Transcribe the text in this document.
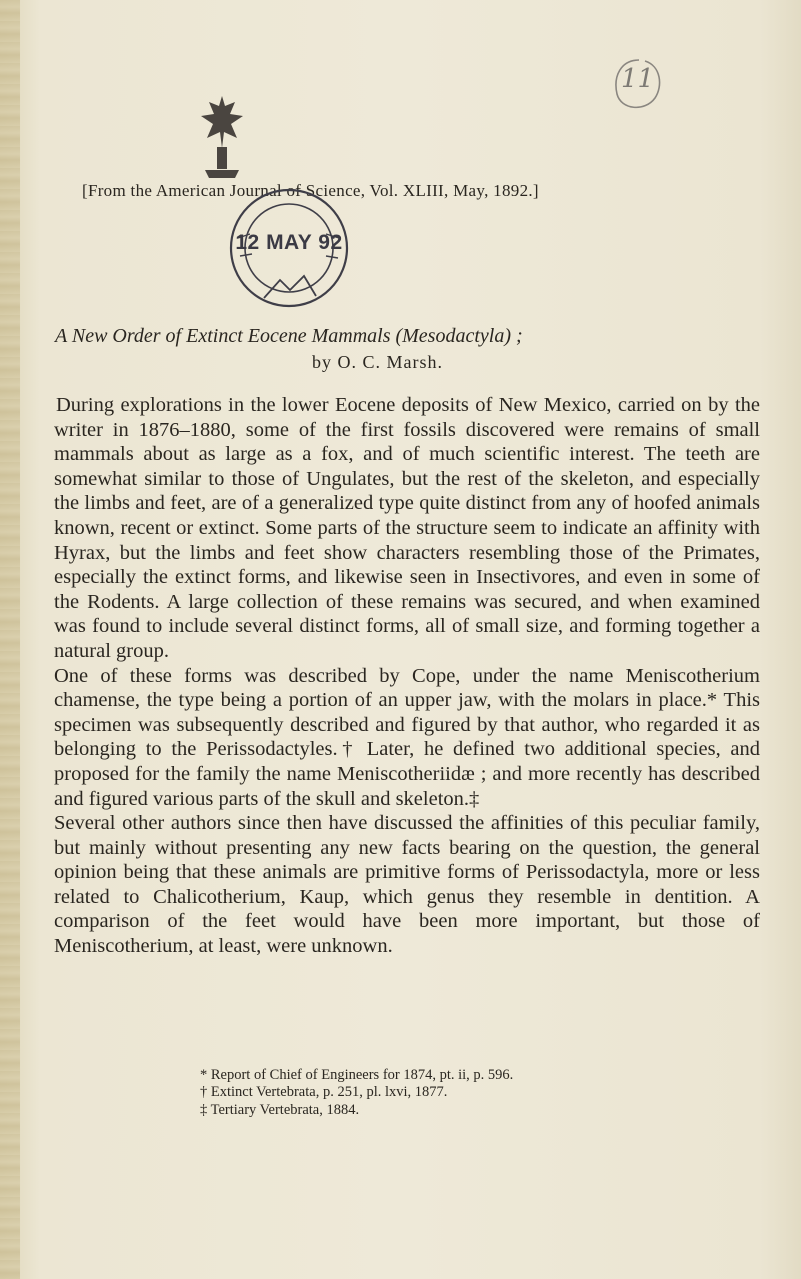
11
[From the American Journal of Science, Vol. XLIII, May, 1892.]
12 MAY 92
A New Order of Extinct Eocene Mammals (Mesodactyla) ;
by O. C. Marsh.

During explorations in the lower Eocene deposits of New Mexico, carried on by the writer in 1876–1880, some of the first fossils discovered were remains of small mammals about as large as a fox, and of much scientific interest. The teeth are somewhat similar to those of Ungulates, but the rest of the skeleton, and especially the limbs and feet, are of a generalized type quite distinct from any of hoofed animals known, recent or extinct. Some parts of the structure seem to indicate an affinity with Hyrax, but the limbs and feet show characters resembling those of the Primates, especially the extinct forms, and likewise seen in Insectivores, and even in some of the Rodents. A large collection of these remains was secured, and when examined was found to include several distinct forms, all of small size, and forming together a natural group.

One of these forms was described by Cope, under the name Meniscotherium chamense, the type being a portion of an upper jaw, with the molars in place.* This specimen was subsequently described and figured by that author, who regarded it as belonging to the Perissodactyles.† Later, he defined two additional species, and proposed for the family the name Meniscotheriidæ ; and more recently has described and figured various parts of the skull and skeleton.‡

Several other authors since then have discussed the affinities of this peculiar family, but mainly without presenting any new facts bearing on the question, the general opinion being that these animals are primitive forms of Perissodactyla, more or less related to Chalicotherium, Kaup, which genus they resemble in dentition. A comparison of the feet would have been more important, but those of Meniscotherium, at least, were unknown.

* Report of Chief of Engineers for 1874, pt. ii, p. 596.
† Extinct Vertebrata, p. 251, pl. lxvi, 1877.
‡ Tertiary Vertebrata, 1884.
